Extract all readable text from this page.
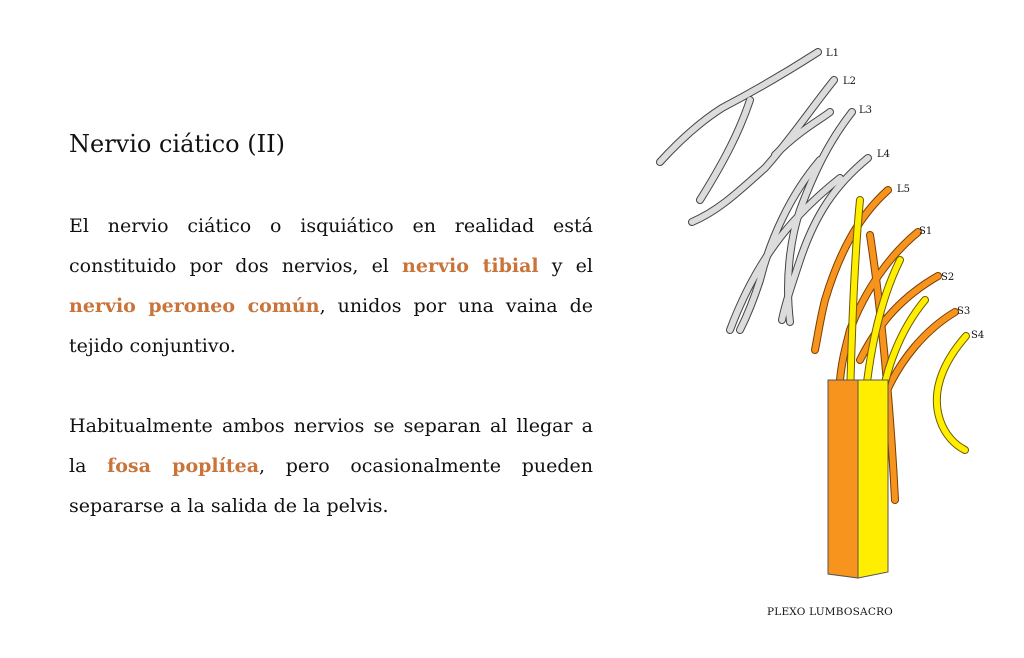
Nervio ciático (II)

El nervio ciático o isquiático en realidad está constituido por dos nervios, el nervio tibial y el nervio peroneo común, unidos por una vaina de tejido conjuntivo.

Habitualmente ambos nervios se separan al llegar a la fosa poplítea, pero ocasionalmente pueden separarse a la salida de la pelvis.

L1
L2
L3
L4
L5
S1
S2
S3
S4
PLEXO LUMBOSACRO
